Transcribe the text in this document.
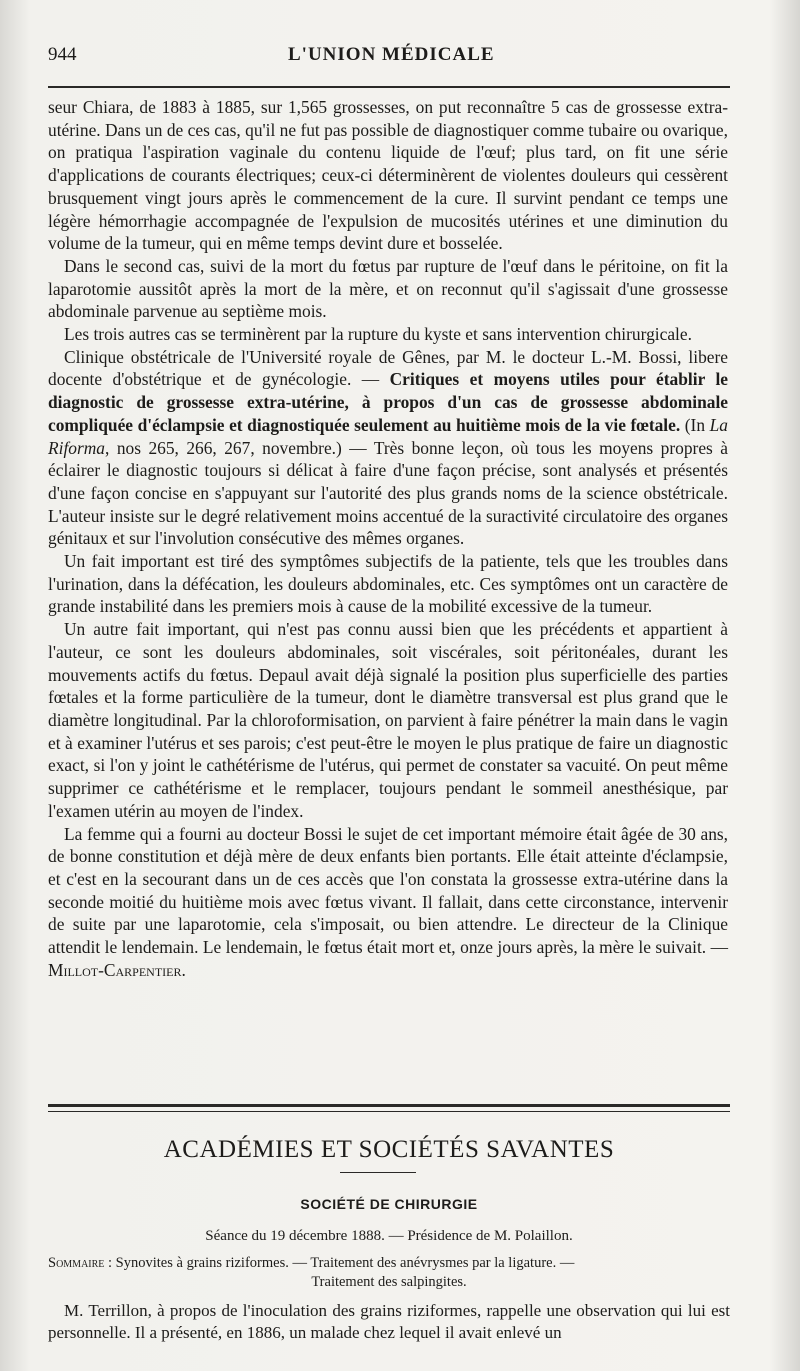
944	L'UNION MÉDICALE

seur Chiara, de 1883 à 1885, sur 1,565 grossesses, on put reconnaître 5 cas de grossesse extra-utérine. Dans un de ces cas, qu'il ne fut pas possible de diagnostiquer comme tubaire ou ovarique, on pratiqua l'aspiration vaginale du contenu liquide de l'œuf; plus tard, on fit une série d'applications de courants électriques; ceux-ci déterminèrent de violentes douleurs qui cessèrent brusquement vingt jours après le commencement de la cure. Il survint pendant ce temps une légère hémorrhagie accompagnée de l'expulsion de mucosités utérines et une diminution du volume de la tumeur, qui en même temps devint dure et bosselée.

Dans le second cas, suivi de la mort du fœtus par rupture de l'œuf dans le péritoine, on fit la laparotomie aussitôt après la mort de la mère, et on reconnut qu'il s'agissait d'une grossesse abdominale parvenue au septième mois.

Les trois autres cas se terminèrent par la rupture du kyste et sans intervention chirurgicale.

Clinique obstétricale de l'Université royale de Gênes, par M. le docteur L.-M. Bossi, libere docente d'obstétrique et de gynécologie. — Critiques et moyens utiles pour établir le diagnostic de grossesse extra-utérine, à propos d'un cas de grossesse abdominale compliquée d'éclampsie et diagnostiquée seulement au huitième mois de la vie fœtale. (In La Riforma, nos 265, 266, 267, novembre.) — Très bonne leçon, où tous les moyens propres à éclairer le diagnostic toujours si délicat à faire d'une façon précise, sont analysés et présentés d'une façon concise en s'appuyant sur l'autorité des plus grands noms de la science obstétricale. L'auteur insiste sur le degré relativement moins accentué de la suractivité circulatoire des organes génitaux et sur l'involution consécutive des mêmes organes.

Un fait important est tiré des symptômes subjectifs de la patiente, tels que les troubles dans l'urination, dans la défécation, les douleurs abdominales, etc. Ces symptômes ont un caractère de grande instabilité dans les premiers mois à cause de la mobilité excessive de la tumeur.

Un autre fait important, qui n'est pas connu aussi bien que les précédents et appartient à l'auteur, ce sont les douleurs abdominales, soit viscérales, soit péritonéales, durant les mouvements actifs du fœtus. Depaul avait déjà signalé la position plus superficielle des parties fœtales et la forme particulière de la tumeur, dont le diamètre transversal est plus grand que le diamètre longitudinal. Par la chloroformisation, on parvient à faire pénétrer la main dans le vagin et à examiner l'utérus et ses parois; c'est peut-être le moyen le plus pratique de faire un diagnostic exact, si l'on y joint le cathétérisme de l'utérus, qui permet de constater sa vacuité. On peut même supprimer ce cathétérisme et le remplacer, toujours pendant le sommeil anesthésique, par l'examen utérin au moyen de l'index.

La femme qui a fourni au docteur Bossi le sujet de cet important mémoire était âgée de 30 ans, de bonne constitution et déjà mère de deux enfants bien portants. Elle était atteinte d'éclampsie, et c'est en la secourant dans un de ces accès que l'on constata la grossesse extra-utérine dans la seconde moitié du huitième mois avec fœtus vivant. Il fallait, dans cette circonstance, intervenir de suite par une laparotomie, cela s'imposait, ou bien attendre. Le directeur de la Clinique attendit le lendemain. Le lendemain, le fœtus était mort et, onze jours après, la mère le suivait. — Millot-Carpentier.

ACADÉMIES ET SOCIÉTÉS SAVANTES
SOCIÉTÉ DE CHIRURGIE
Séance du 19 décembre 1888. — Présidence de M. Polaillon.
Sommaire : Synovites à grains riziformes. — Traitement des anévrysmes par la ligature. —
Traitement des salpingites.
M. Terrillon, à propos de l'inoculation des grains riziformes, rappelle une observation qui lui est personnelle. Il a présenté, en 1886, un malade chez lequel il avait enlevé un
